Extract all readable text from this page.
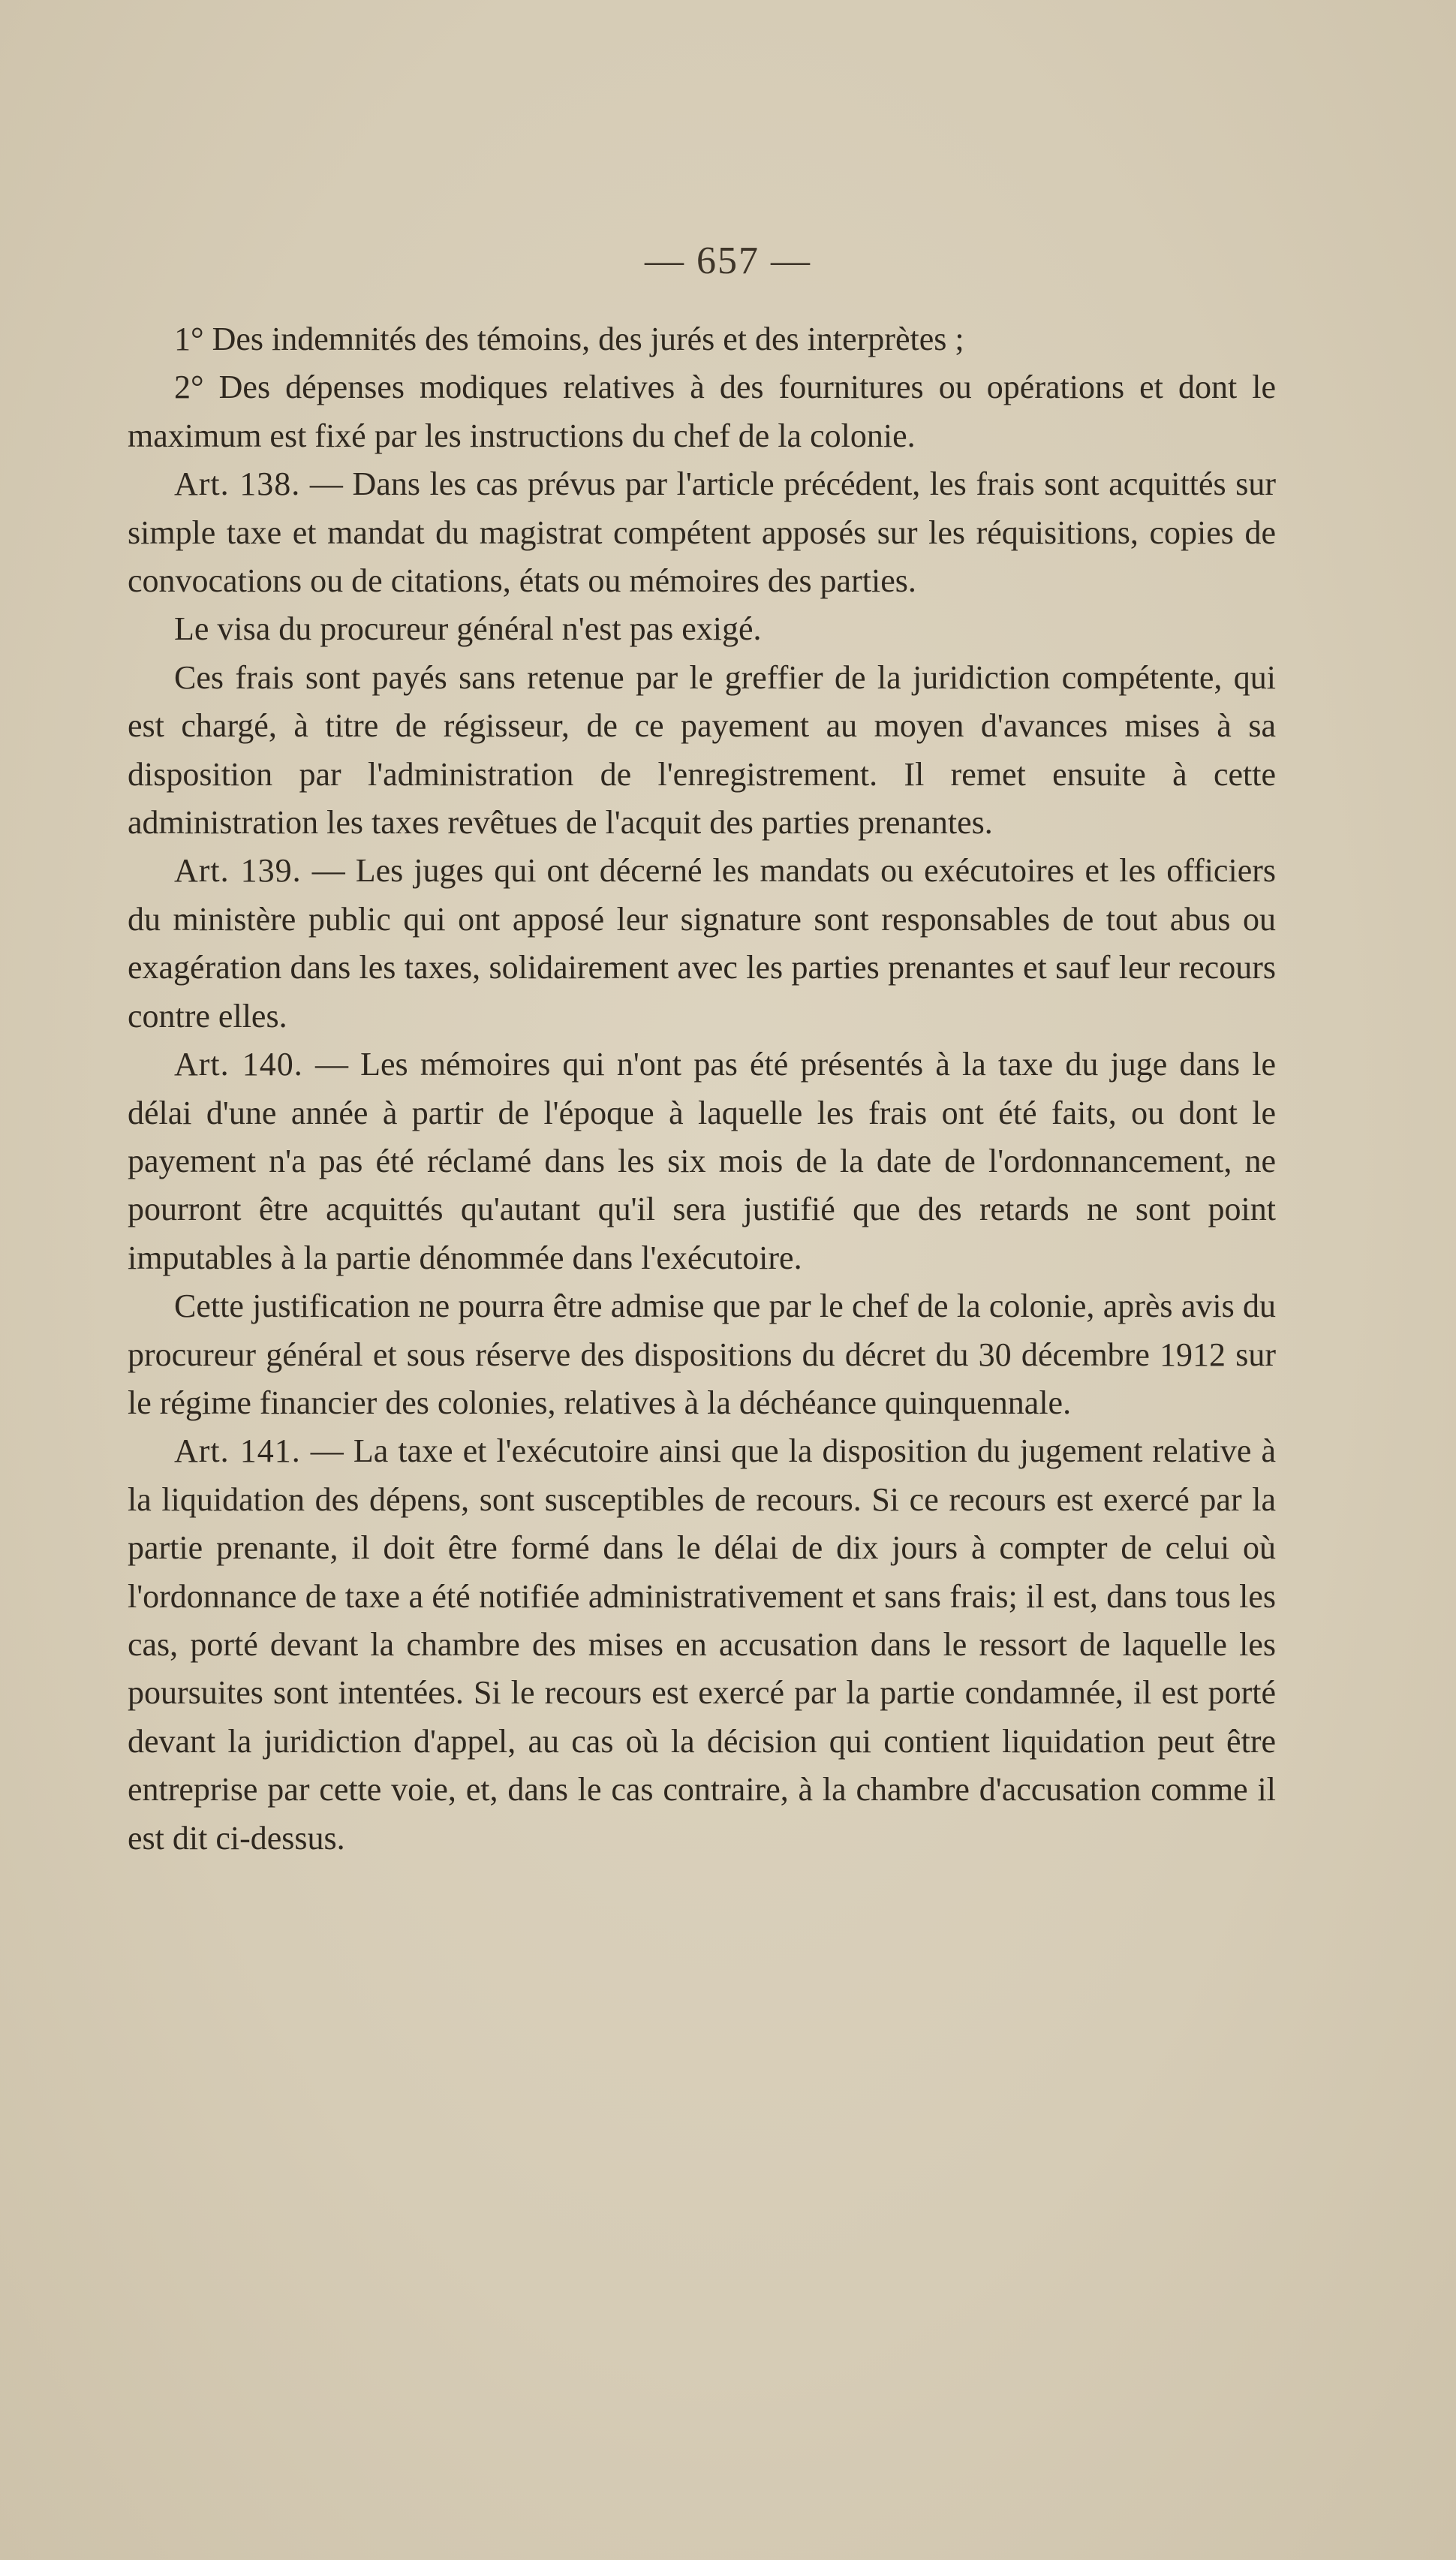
— 657 —

1° Des indemnités des témoins, des jurés et des interprètes ;

2° Des dépenses modiques relatives à des fournitures ou opérations et dont le maximum est fixé par les instructions du chef de la colonie.

Art. 138. — Dans les cas prévus par l'article précédent, les frais sont acquittés sur simple taxe et mandat du magistrat compétent apposés sur les réquisitions, copies de convocations ou de citations, états ou mémoires des parties.

Le visa du procureur général n'est pas exigé.

Ces frais sont payés sans retenue par le greffier de la juridiction compétente, qui est chargé, à titre de régisseur, de ce payement au moyen d'avances mises à sa disposition par l'administration de l'enregistrement. Il remet ensuite à cette administration les taxes revêtues de l'acquit des parties prenantes.

Art. 139. — Les juges qui ont décerné les mandats ou exécutoires et les officiers du ministère public qui ont apposé leur signature sont responsables de tout abus ou exagération dans les taxes, solidairement avec les parties prenantes et sauf leur recours contre elles.

Art. 140. — Les mémoires qui n'ont pas été présentés à la taxe du juge dans le délai d'une année à partir de l'époque à laquelle les frais ont été faits, ou dont le payement n'a pas été réclamé dans les six mois de la date de l'ordonnancement, ne pourront être acquittés qu'autant qu'il sera justifié que des retards ne sont point imputables à la partie dénommée dans l'exécutoire.

Cette justification ne pourra être admise que par le chef de la colonie, après avis du procureur général et sous réserve des dispositions du décret du 30 décembre 1912 sur le régime financier des colonies, relatives à la déchéance quinquennale.

Art. 141. — La taxe et l'exécutoire ainsi que la disposition du jugement relative à la liquidation des dépens, sont susceptibles de recours. Si ce recours est exercé par la partie prenante, il doit être formé dans le délai de dix jours à compter de celui où l'ordonnance de taxe a été notifiée administrativement et sans frais; il est, dans tous les cas, porté devant la chambre des mises en accusation dans le ressort de laquelle les poursuites sont intentées. Si le recours est exercé par la partie condamnée, il est porté devant la juridiction d'appel, au cas où la décision qui contient liquidation peut être entreprise par cette voie, et, dans le cas contraire, à la chambre d'accusation comme il est dit ci-dessus.
